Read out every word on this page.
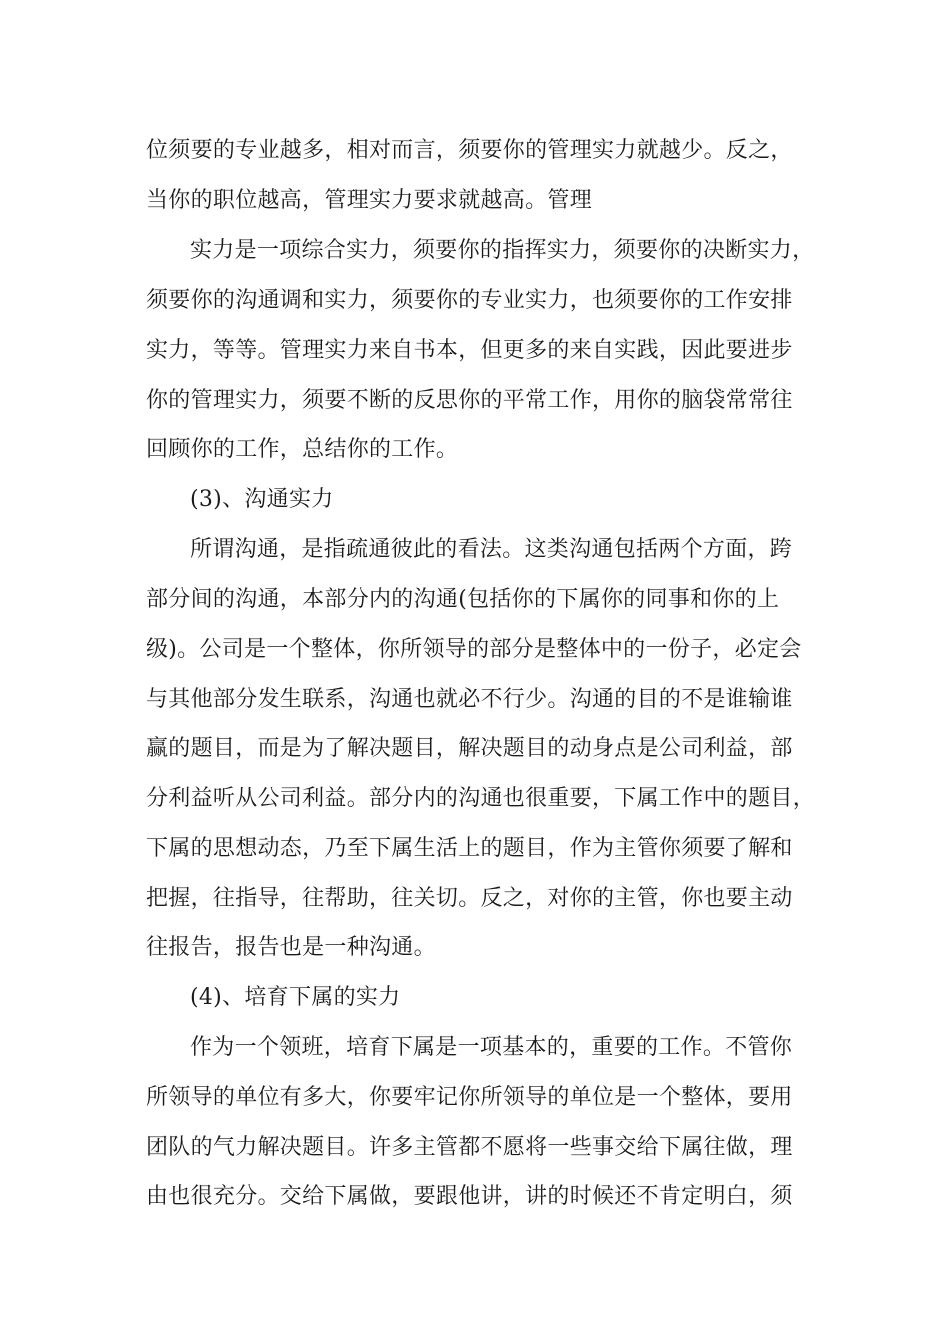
位须要的专业越多，相对而言，须要你的管理实力就越少。反之，

当你的职位越高，管理实力要求就越高。管理

实力是一项综合实力，须要你的指挥实力，须要你的决断实力，

须要你的沟通调和实力，须要你的专业实力，也须要你的工作安排

实力，等等。管理实力来自书本，但更多的来自实践，因此要进步

你的管理实力，须要不断的反思你的平常工作，用你的脑袋常常往

回顾你的工作，总结你的工作。

(3)、沟通实力

所谓沟通，是指疏通彼此的看法。这类沟通包括两个方面，跨

部分间的沟通，本部分内的沟通(包括你的下属你的同事和你的上

级)。公司是一个整体，你所领导的部分是整体中的一份子，必定会

与其他部分发生联系，沟通也就必不行少。沟通的目的不是谁输谁

赢的题目，而是为了解决题目，解决题目的动身点是公司利益，部

分利益听从公司利益。部分内的沟通也很重要，下属工作中的题目，

下属的思想动态，乃至下属生活上的题目，作为主管你须要了解和

把握，往指导，往帮助，往关切。反之，对你的主管，你也要主动

往报告，报告也是一种沟通。

(4)、培育下属的实力

作为一个领班，培育下属是一项基本的，重要的工作。不管你

所领导的单位有多大，你要牢记你所领导的单位是一个整体，要用

团队的气力解决题目。许多主管都不愿将一些事交给下属往做，理

由也很充分。交给下属做，要跟他讲，讲的时候还不肯定明白，须
